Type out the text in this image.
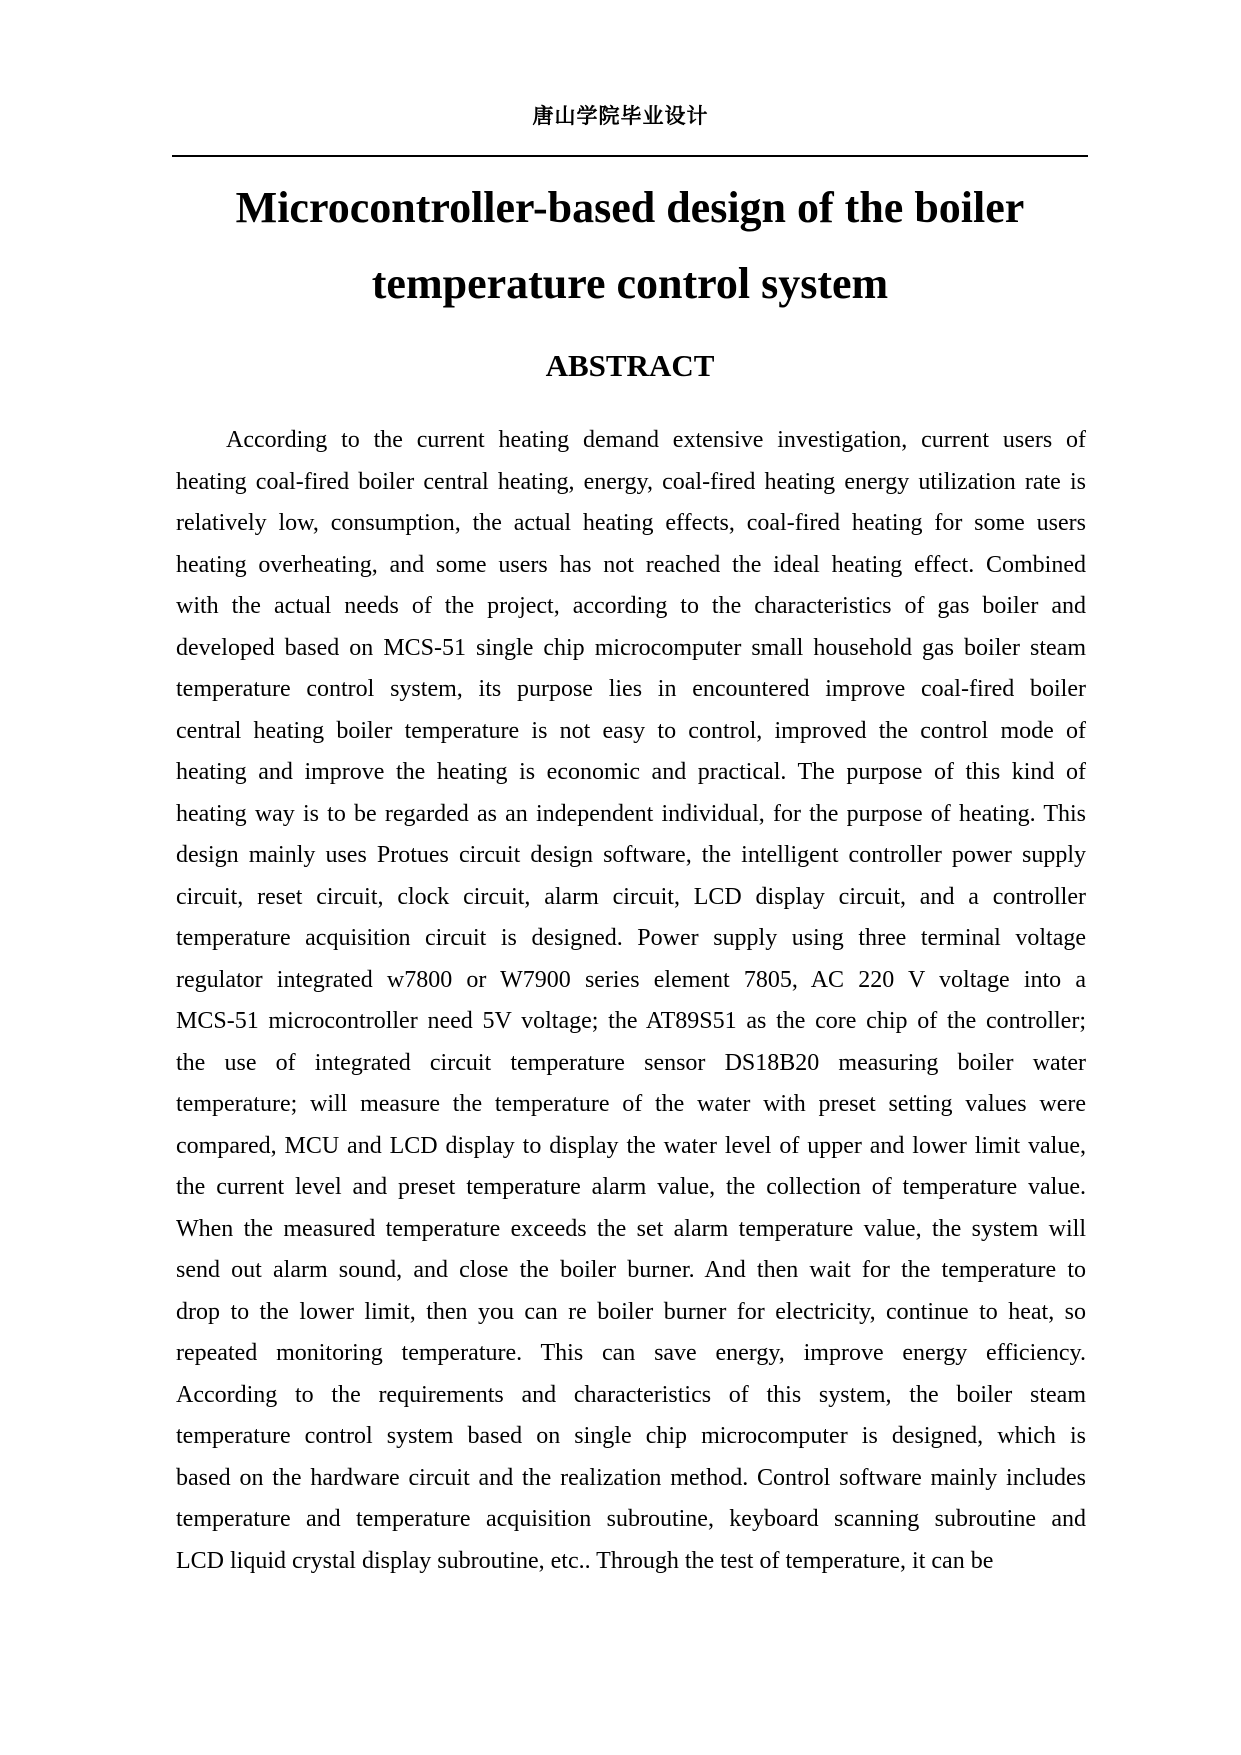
唐山学院毕业设计
Microcontroller-based design of the boiler
temperature control system
ABSTRACT
According to the current heating demand extensive investigation, current users of
heating coal-fired boiler central heating, energy, coal-fired heating energy utilization rate is
relatively low, consumption, the actual heating effects, coal-fired heating for some users
heating overheating, and some users has not reached the ideal heating effect. Combined
with the actual needs of the project, according to the characteristics of gas boiler and
developed based on MCS-51 single chip microcomputer small household gas boiler steam
temperature control system, its purpose lies in encountered improve coal-fired boiler
central heating boiler temperature is not easy to control, improved the control mode of
heating and improve the heating is economic and practical. The purpose of this kind of
heating way is to be regarded as an independent individual, for the purpose of heating. This
design mainly uses Protues circuit design software, the intelligent controller power supply
circuit, reset circuit, clock circuit, alarm circuit, LCD display circuit, and a controller
temperature acquisition circuit is designed. Power supply using three terminal voltage
regulator integrated w7800 or W7900 series element 7805, AC 220 V voltage into a
MCS-51 microcontroller need 5V voltage; the AT89S51 as the core chip of the controller;
the use of integrated circuit temperature sensor DS18B20 measuring boiler water
temperature; will measure the temperature of the water with preset setting values were
compared, MCU and LCD display to display the water level of upper and lower limit value,
the current level and preset temperature alarm value, the collection of temperature value.
When the measured temperature exceeds the set alarm temperature value, the system will
send out alarm sound, and close the boiler burner. And then wait for the temperature to
drop to the lower limit, then you can re boiler burner for electricity, continue to heat, so
repeated monitoring temperature. This can save energy, improve energy efficiency.
According to the requirements and characteristics of this system, the boiler steam
temperature control system based on single chip microcomputer is designed, which is
based on the hardware circuit and the realization method. Control software mainly includes
temperature and temperature acquisition subroutine, keyboard scanning subroutine and
LCD liquid crystal display subroutine, etc.. Through the test of temperature, it can be
